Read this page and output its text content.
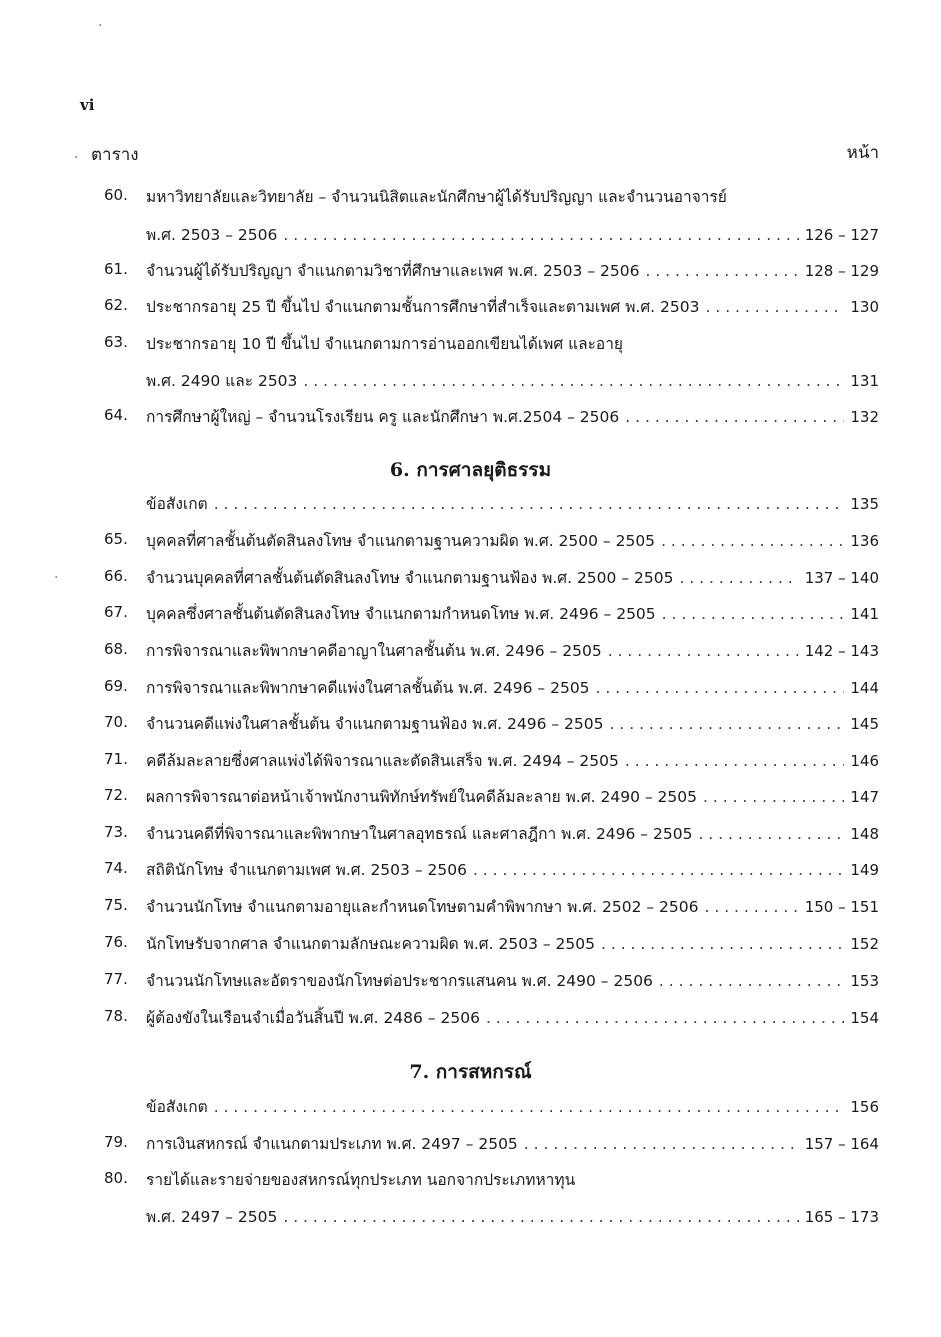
vi
·
.
·
ตาราง	หน้า
60.	มหาวิทยาลัยและวิทยาลัย – จำนวนนิสิตและนักศึกษาผู้ได้รับปริญญา และจำนวนอาจารย์
พ.ศ. 2503 – 2506 . . .	126 – 127
61.	จำนวนผู้ได้รับปริญญา จำแนกตามวิชาที่ศึกษาและเพศ พ.ศ. 2503 – 2506 . . .	128 – 129
62.	ประชากรอายุ 25 ปี ขึ้นไป จำแนกตามชั้นการศึกษาที่สำเร็จและตามเพศ พ.ศ. 2503 . . .	130
63.	ประชากรอายุ 10 ปี ขึ้นไป จำแนกตามการอ่านออกเขียนได้เพศ และอายุ
พ.ศ. 2490 และ 2503 . . .	131
64.	การศึกษาผู้ใหญ่ – จำนวนโรงเรียน ครู และนักศึกษา พ.ศ.2504 – 2506 . . .	132
6. การศาลยุติธรรม
ข้อสังเกต . . .	135
65.	บุคคลที่ศาลชั้นต้นตัดสินลงโทษ จำแนกตามฐานความผิด พ.ศ. 2500 – 2505 . . .	136
66.	จำนวนบุคคลที่ศาลชั้นต้นตัดสินลงโทษ จำแนกตามฐานฟ้อง พ.ศ. 2500 – 2505 . . .	137 – 140
67.	บุคคลซึ่งศาลชั้นต้นตัดสินลงโทษ จำแนกตามกำหนดโทษ พ.ศ. 2496 – 2505 . . .	141
68.	การพิจารณาและพิพากษาคดีอาญาในศาลชั้นต้น พ.ศ. 2496 – 2505 . . .	142 – 143
69.	การพิจารณาและพิพากษาคดีแพ่งในศาลชั้นต้น พ.ศ. 2496 – 2505 . . .	144
70.	จำนวนคดีแพ่งในศาลชั้นต้น จำแนกตามฐานฟ้อง พ.ศ. 2496 – 2505 . . .	145
71.	คดีล้มละลายซึ่งศาลแพ่งได้พิจารณาและตัดสินเสร็จ พ.ศ. 2494 – 2505 . . .	146
72.	ผลการพิจารณาต่อหน้าเจ้าพนักงานพิทักษ์ทรัพย์ในคดีล้มละลาย พ.ศ. 2490 – 2505 . . .	147
73.	จำนวนคดีที่พิจารณาและพิพากษาในศาลอุทธรณ์ และศาลฎีกา พ.ศ. 2496 – 2505 . . .	148
74.	สถิตินักโทษ จำแนกตามเพศ พ.ศ. 2503 – 2506 . . .	149
75.	จำนวนนักโทษ จำแนกตามอายุและกำหนดโทษตามคำพิพากษา พ.ศ. 2502 – 2506 . . .	150 – 151
76.	นักโทษรับจากศาล จำแนกตามลักษณะความผิด พ.ศ. 2503 – 2505 . . .	152
77.	จำนวนนักโทษและอัตราของนักโทษต่อประชากรแสนคน พ.ศ. 2490 – 2506 . . .	153
78.	ผู้ต้องขังในเรือนจำเมื่อวันสิ้นปี พ.ศ. 2486 – 2506 . . .	154
7. การสหกรณ์
ข้อสังเกต . . .	156
79.	การเงินสหกรณ์ จำแนกตามประเภท พ.ศ. 2497 – 2505 . . .	157 – 164
80.	รายได้และรายจ่ายของสหกรณ์ทุกประเภท นอกจากประเภทหาทุน
พ.ศ. 2497 – 2505 . . .	165 – 173
